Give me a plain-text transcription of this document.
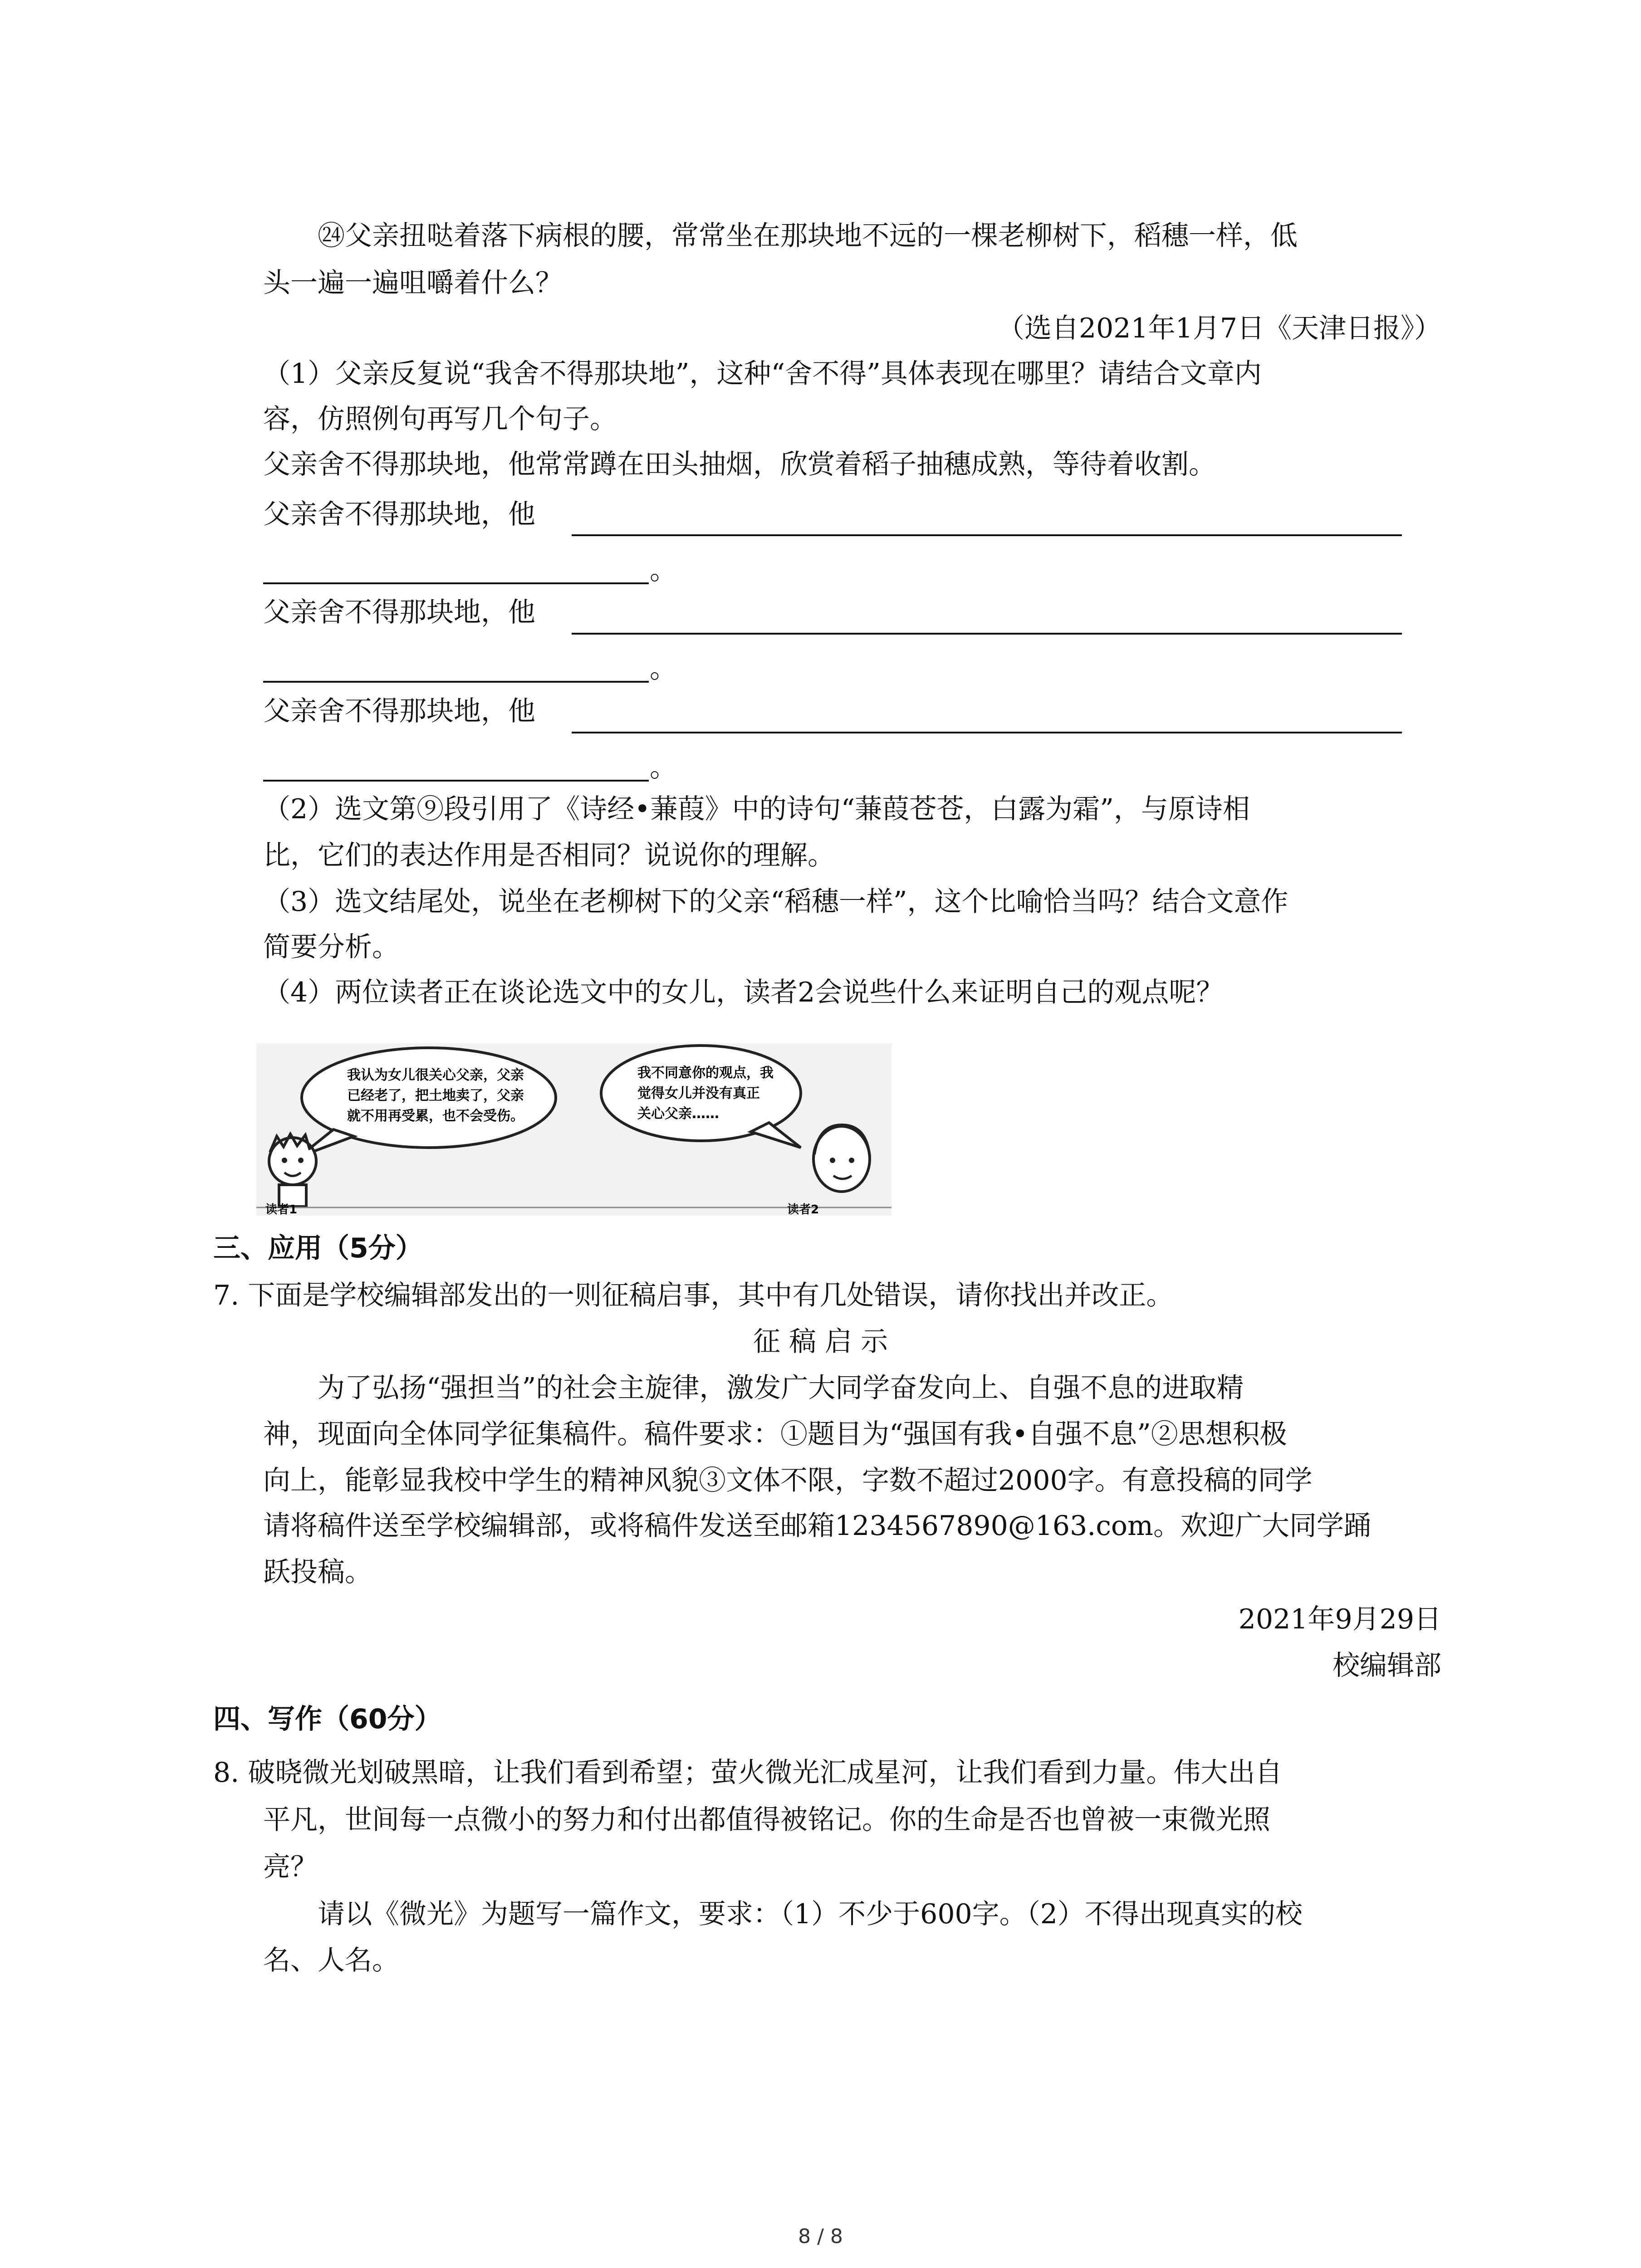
㉔父亲扭哒着落下病根的腰，常常坐在那块地不远的一棵老柳树下，稻穗一样，低

头一遍一遍咀嚼着什么？

（选自2021年1月7日《天津日报》）

（1）父亲反复说“我舍不得那块地”，这种“舍不得”具体表现在哪里？请结合文章内

容，仿照例句再写几个句子。

父亲舍不得那块地，他常常蹲在田头抽烟，欣赏着稻子抽穗成熟，等待着收割。

父亲舍不得那块地，他
。
父亲舍不得那块地，他
。
父亲舍不得那块地，他
。

（2）选文第⑨段引用了《诗经•蒹葭》中的诗句“蒹葭苍苍，白露为霜”，与原诗相

比，它们的表达作用是否相同？说说你的理解。

（3）选文结尾处，说坐在老柳树下的父亲“稻穗一样”，这个比喻恰当吗？结合文意作

简要分析。

（4）两位读者正在谈论选文中的女儿，读者2会说些什么来证明自己的观点呢？

我认为女儿很关心父亲，父亲
已经老了，把土地卖了，父亲
就不用再受累，也不会受伤。
我不同意你的观点，我
觉得女儿并没有真正
关心父亲……
读者1	读者2

三、应用（5分）

7. 下面是学校编辑部发出的一则征稿启事，其中有几处错误，请你找出并改正。

征 稿 启 示

为了弘扬“强担当”的社会主旋律，激发广大同学奋发向上、自强不息的进取精

神，现面向全体同学征集稿件。稿件要求：①题目为“强国有我•自强不息”②思想积极

向上，能彰显我校中学生的精神风貌③文体不限，字数不超过2000字。有意投稿的同学

请将稿件送至学校编辑部，或将稿件发送至邮箱1234567890@163.com。欢迎广大同学踊

跃投稿。

2021年9月29日

校编辑部

四、写作（60分）

8. 破晓微光划破黑暗，让我们看到希望；萤火微光汇成星河，让我们看到力量。伟大出自

平凡，世间每一点微小的努力和付出都值得被铭记。你的生命是否也曾被一束微光照

亮？

请以《微光》为题写一篇作文，要求：（1）不少于600字。（2）不得出现真实的校

名、人名。

8 / 8
